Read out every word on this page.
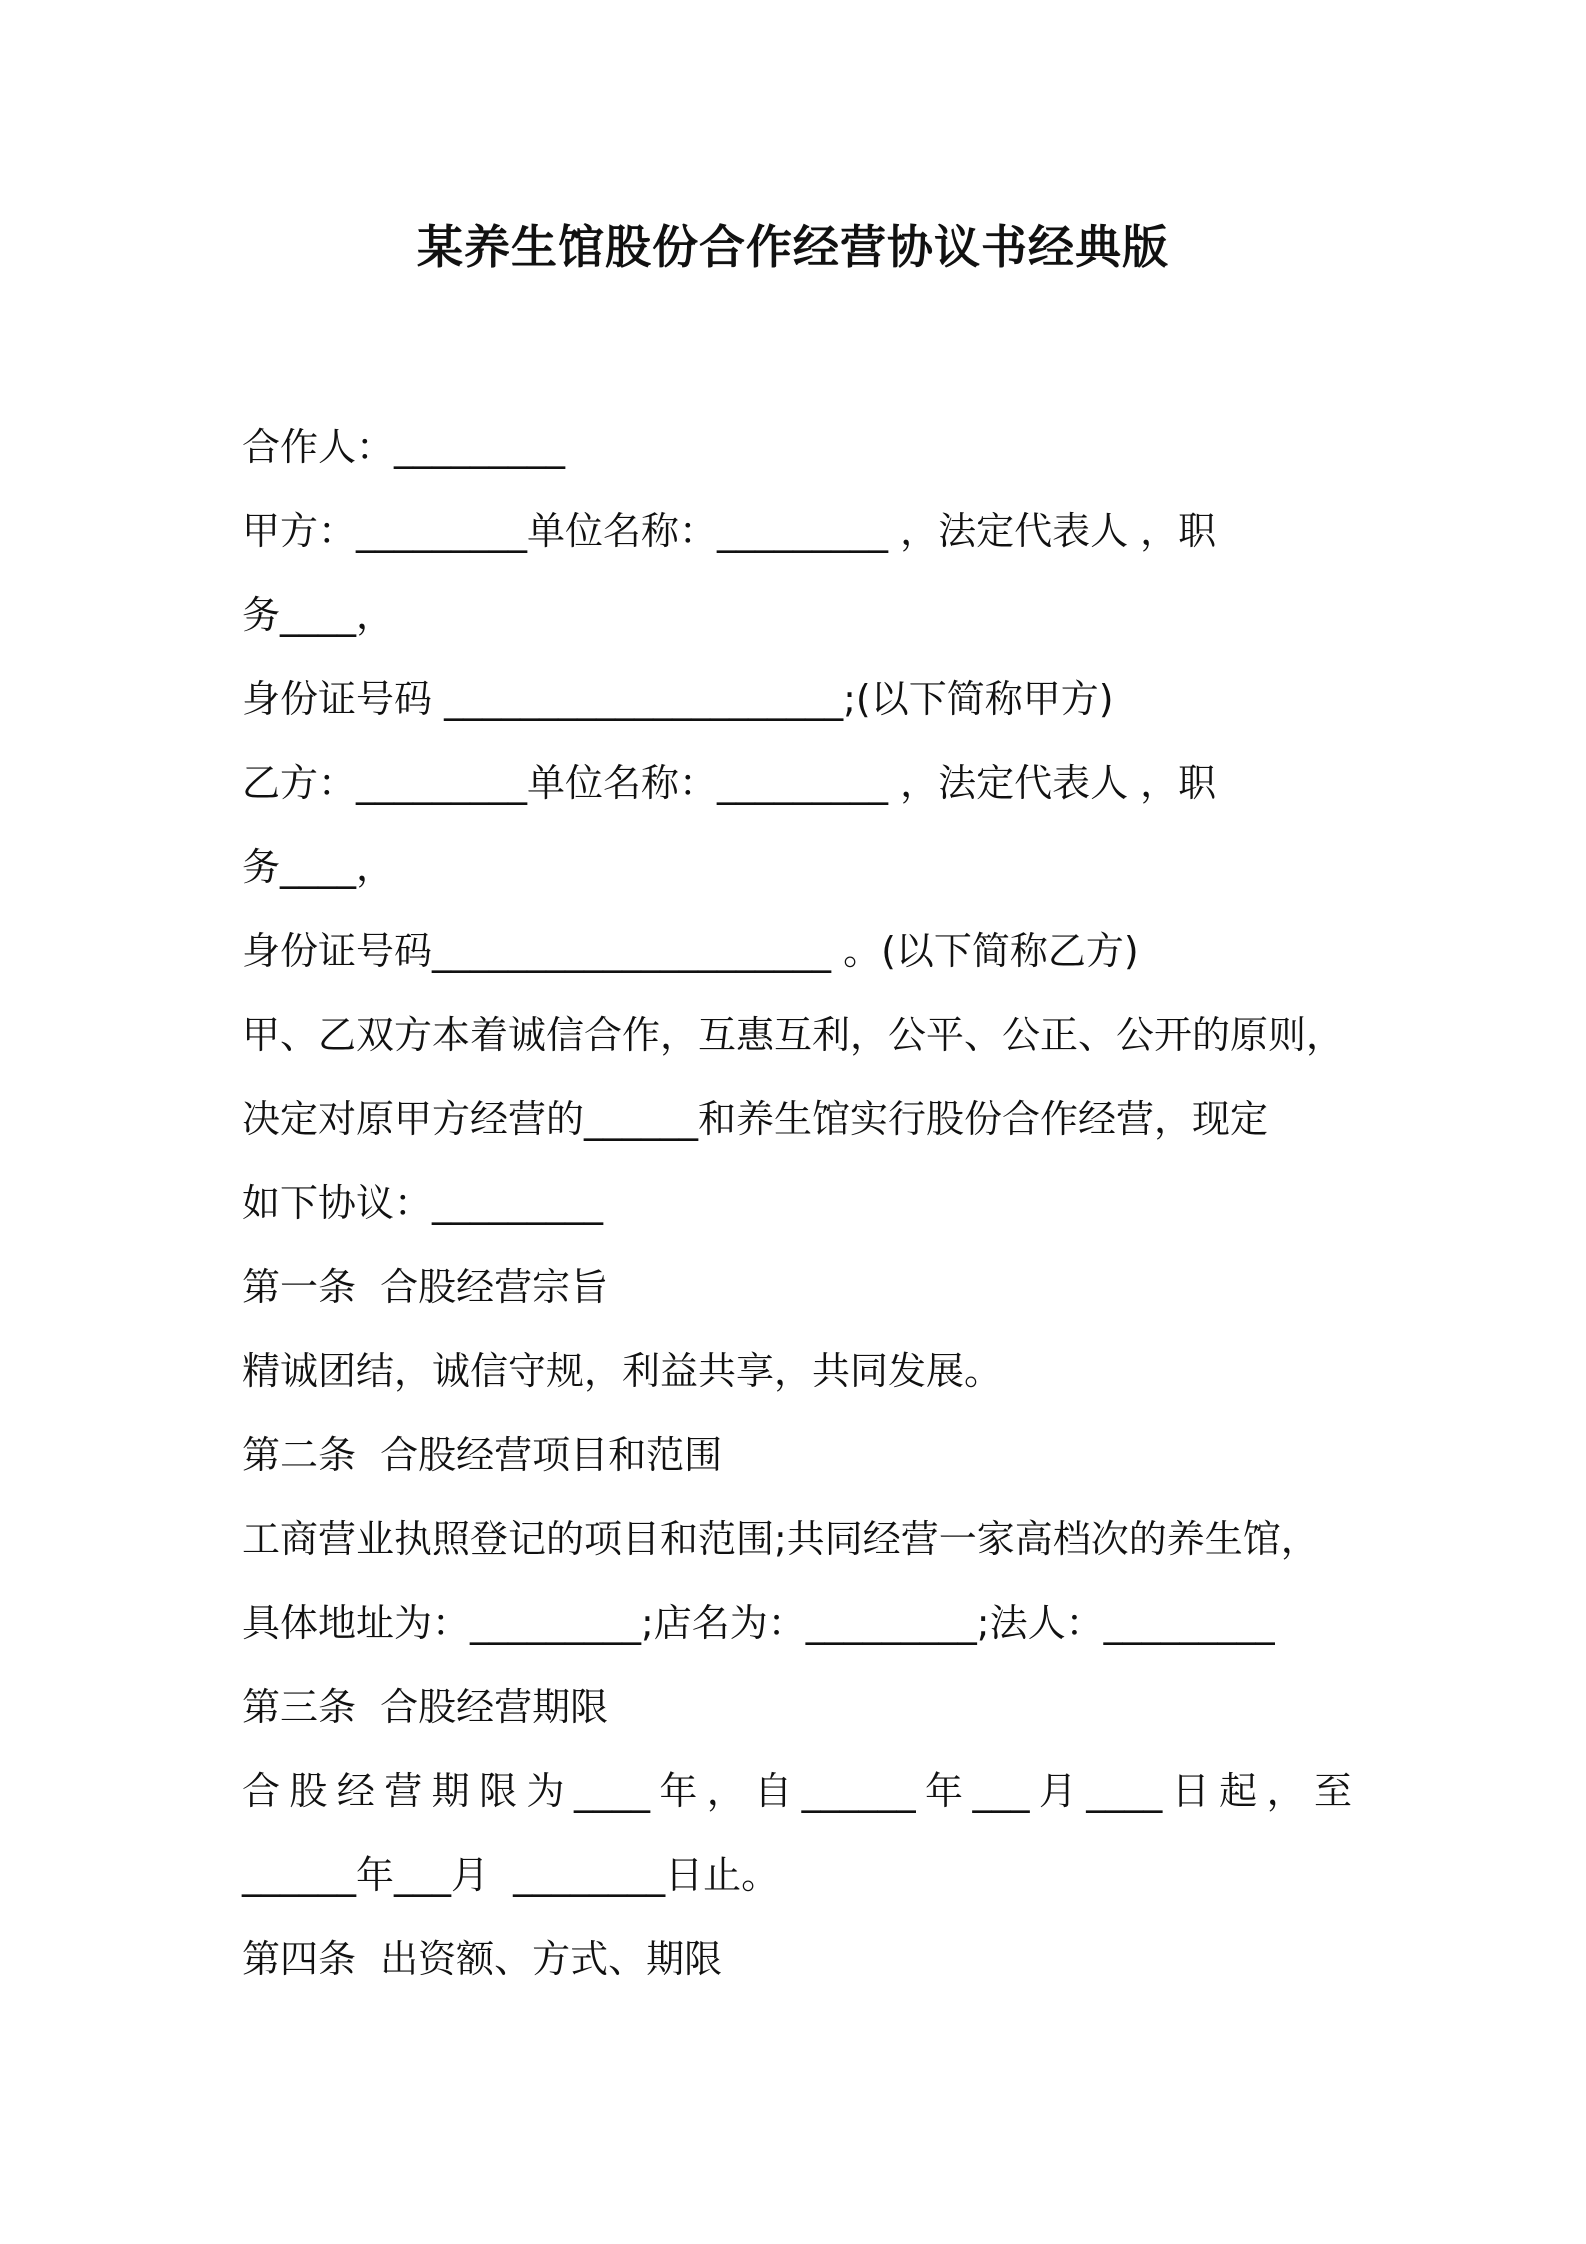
某养生馆股份合作经营协议书经典版
合作人：_________
甲方：_________单位名称：_________ ，法定代表人 ，职
务____，
身份证号码 _____________________;(以下简称甲方)
乙方：_________单位名称：_________ ，法定代表人 ，职
务____，
身份证号码_____________________ 。(以下简称乙方)
甲、乙双方本着诚信合作，互惠互利，公平、公正、公开的原则，
决定对原甲方经营的______和养生馆实行股份合作经营，现定
如下协议：_________
第一条  合股经营宗旨
精诚团结，诚信守规，利益共享，共同发展。
第二条  合股经营项目和范围
工商营业执照登记的项目和范围;共同经营一家高档次的养生馆，
具体地址为：_________;店名为：_________;法人：_________
第三条  合股经营期限
合股经营期限为____年，自______年___月____日起，至
______年___月  ________日止。
第四条  出资额、方式、期限
